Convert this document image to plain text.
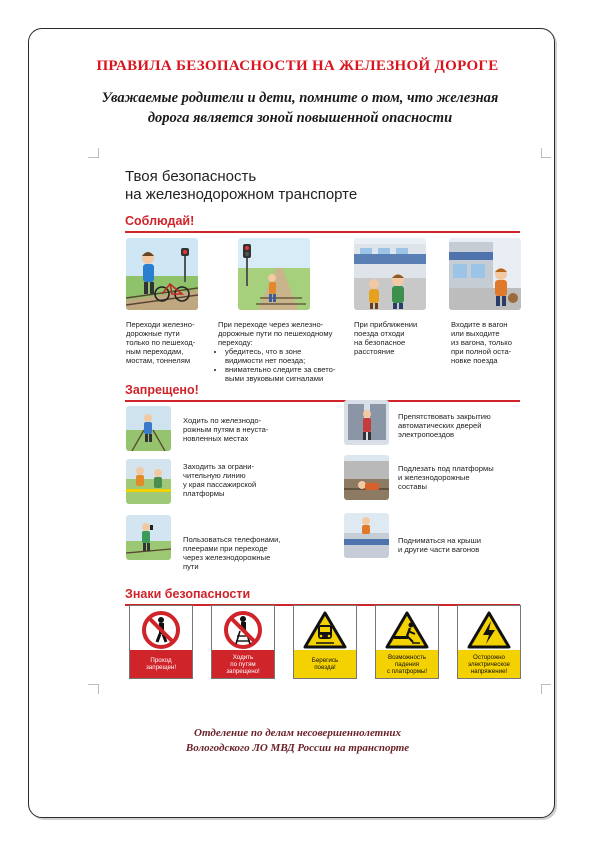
ПРАВИЛА БЕЗОПАСНОСТИ НА ЖЕЛЕЗНОЙ ДОРОГЕ
Уважаемые родители и дети, помните о том, что железная
дорога является зоной повышенной опасности
Твоя безопасность
на железнодорожном транспорте
Соблюдай!
Переходи железно-
дорожные пути
только по пешеход-
ным переходам,
мостам, тоннелям
При переходе через железно-
дорожные пути по пешеходному
переходу:
• убедитесь, что в зоне
видимости нет поезда;
• внимательно следите за свето-
выми звуковыми сигналами
При приближении
поезда отходи
на безопасное
расстояние
Входите в вагон
или выходите
из вагона, только
при полной оста-
новке поезда
Запрещено!
Ходить по железнодо-
рожным путям в неуста-
новленных местах
Препятствовать закрытию
автоматических дверей
электропоездов
Заходить за ограни-
чительную линию
у края пассажирской
платформы
Подлезать под платформы
и железнодорожные
составы
Пользоваться телефонами,
плеерами при переходе
через железнодорожные
пути
Подниматься на крыши
и другие части вагонов
Знаки безопасности
Проход
запрещен!
Ходить
по путям
запрещено!
Берегись
поезда!
Возможность
падения
с платформы!
Осторожно
электрическое
напряжение!
Отделение по делам несовершеннолетних
Вологодского ЛО МВД России на транспорте
